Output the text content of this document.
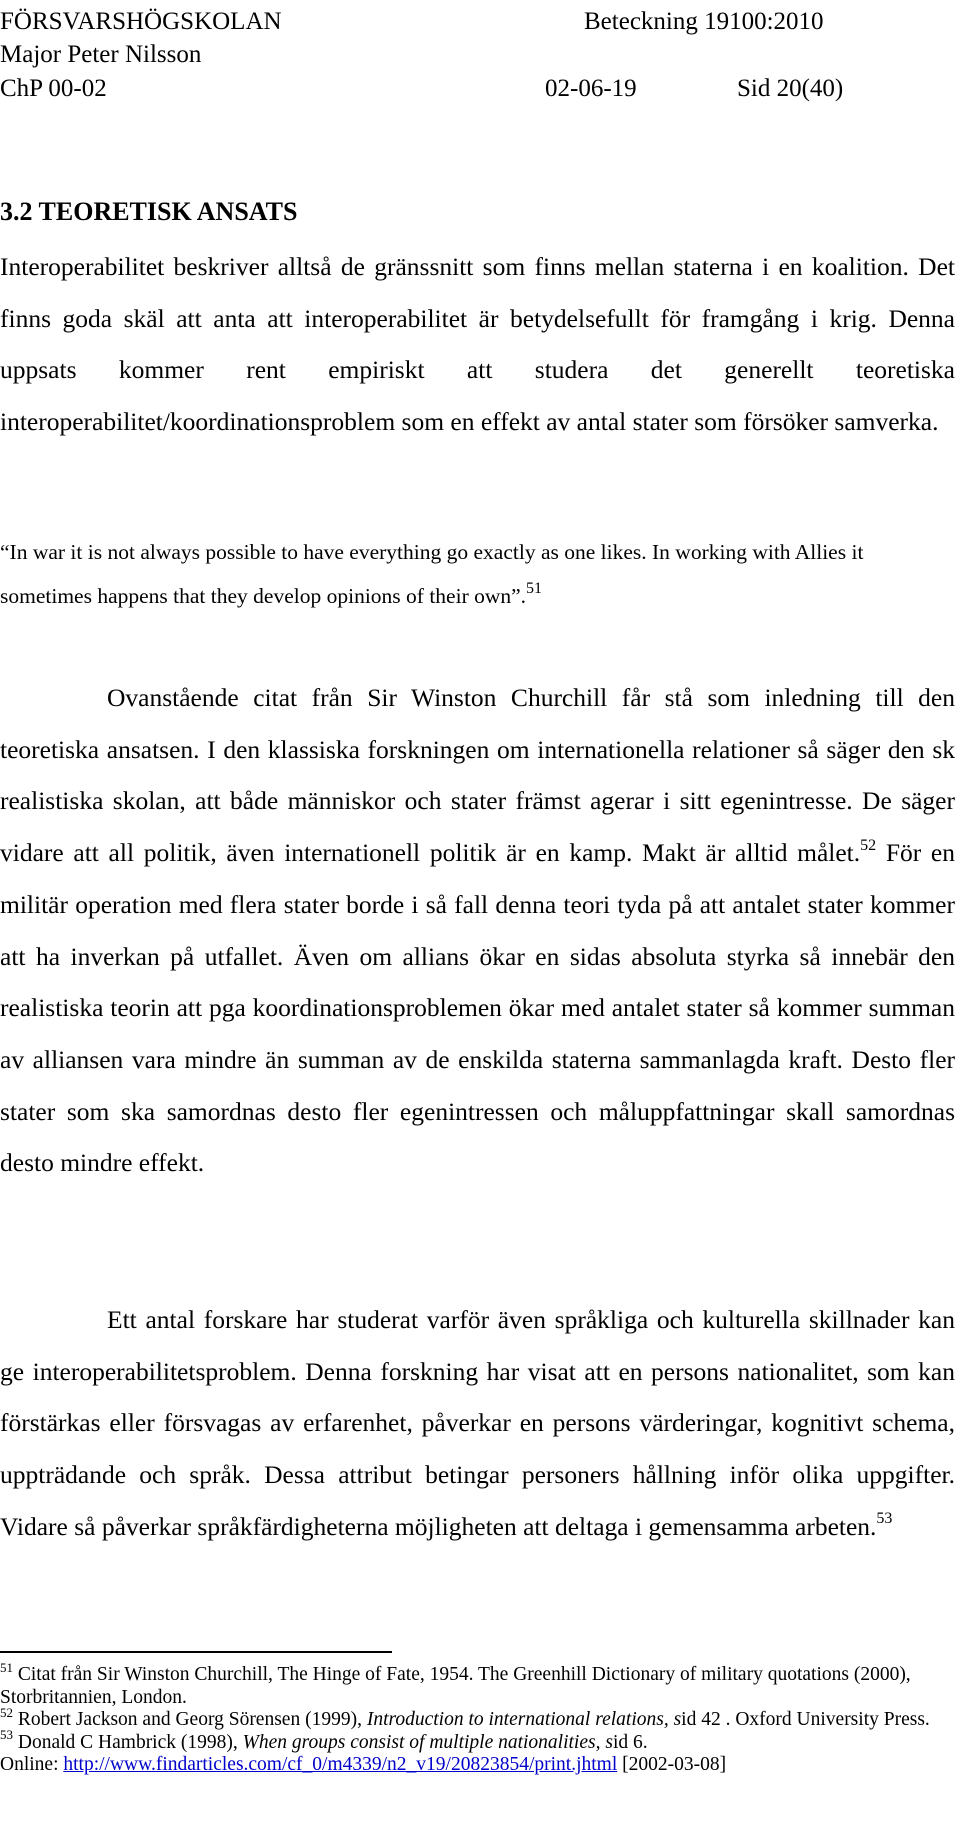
FÖRSVARSHÖGSKOLAN	Beteckning 19100:2010
Major Peter Nilsson
ChP 00-02	02-06-19	Sid 20(40)
3.2 TEORETISK ANSATS

Interoperabilitet beskriver alltså de gränssnitt som finns mellan staterna i en koalition. Det finns goda skäl att anta att interoperabilitet är betydelsefullt för framgång i krig. Denna uppsats kommer rent empiriskt att studera det generellt teoretiska interoperabilitet/koordinationsproblem som en effekt av antal stater som försöker samverka.

“In war it is not always possible to have everything go exactly as one likes. In working with Allies it sometimes happens that they develop opinions of their own”.$^{51}$

Ovanstående citat från Sir Winston Churchill får stå som inledning till den teoretiska ansatsen. I den klassiska forskningen om internationella relationer så säger den sk realistiska skolan, att både människor och stater främst agerar i sitt egenintresse. De säger vidare att all politik, även internationell politik är en kamp. Makt är alltid målet.$^{52}$ För en militär operation med flera stater borde i så fall denna teori tyda på att antalet stater kommer att ha inverkan på utfallet. Även om allians ökar en sidas absoluta styrka så innebär den realistiska teorin att pga koordinationsproblemen ökar med antalet stater så kommer summan av alliansen vara mindre än summan av de enskilda staterna sammanlagda kraft. Desto fler stater som ska samordnas desto fler egenintressen och måluppfattningar skall samordnas desto mindre effekt.

Ett antal forskare har studerat varför även språkliga och kulturella skillnader kan ge interoperabilitetsproblem. Denna forskning har visat att en persons nationalitet, som kan förstärkas eller försvagas av erfarenhet, påverkar en persons värderingar, kognitivt schema, uppträdande och språk. Dessa attribut betingar personers hållning inför olika uppgifter. Vidare så påverkar språkfärdigheterna möjligheten att deltaga i gemensamma arbeten.$^{53}$

$^{51}$ Citat från Sir Winston Churchill, The Hinge of Fate, 1954. The Greenhill Dictionary of military quotations (2000), Storbritannien, London.

$^{52}$ Robert Jackson and Georg Sörensen (1999), Introduction to international relations, sid 42 . Oxford University Press.

$^{53}$ Donald C Hambrick (1998), When groups consist of multiple nationalities, sid 6.

Online: http://www.findarticles.com/cf_0/m4339/n2_v19/20823854/print.jhtml [2002-03-08]
